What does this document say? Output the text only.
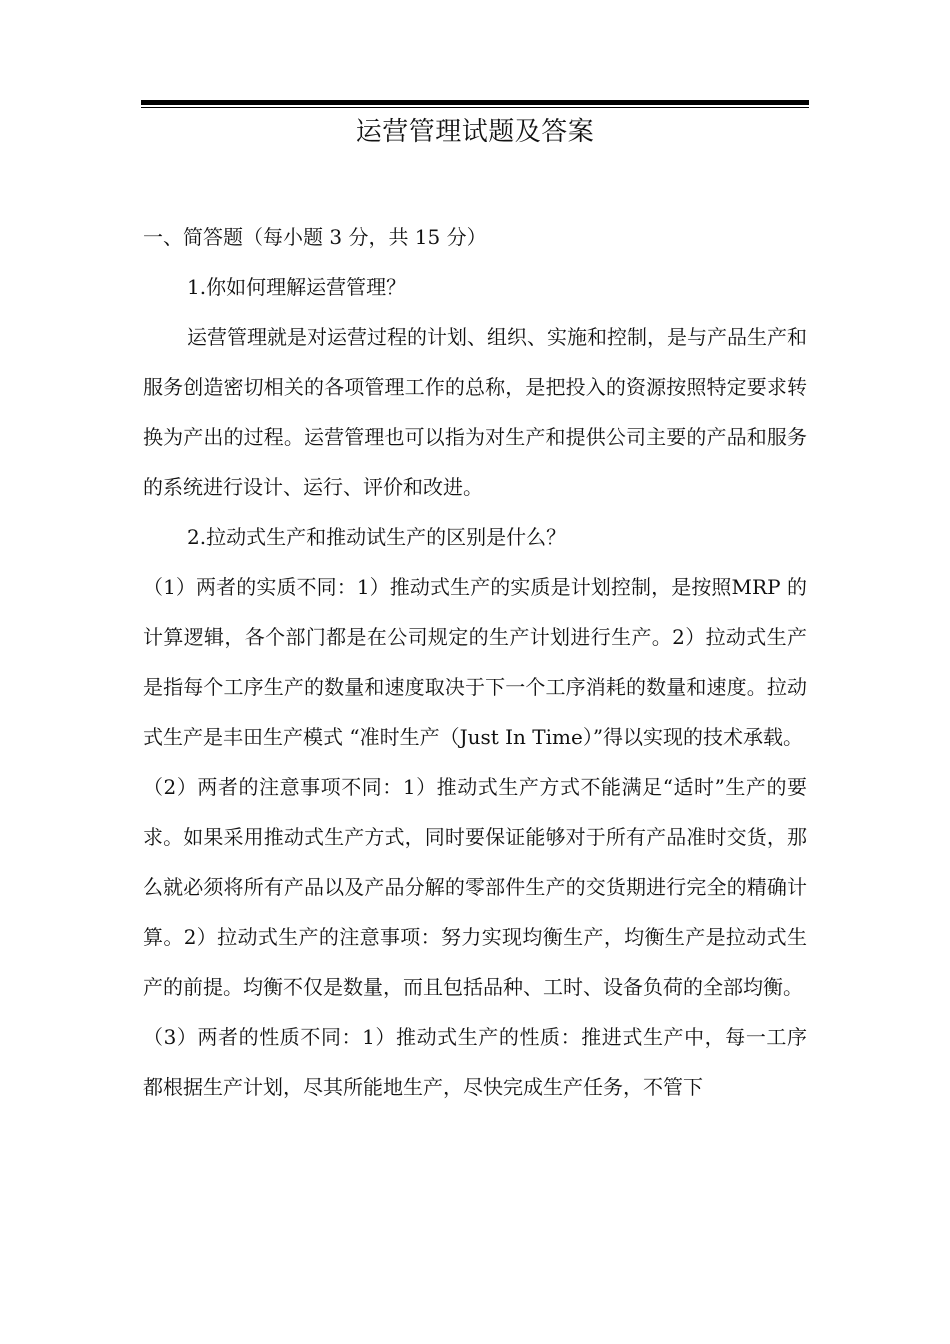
运营管理试题及答案

一、简答题（每小题 3 分，共 15 分）

1.你如何理解运营管理？

运营管理就是对运营过程的计划、组织、实施和控制，是与产品生产和服务创造密切相关的各项管理工作的总称，是把投入的资源按照特定要求转换为产出的过程。运营管理也可以指为对生产和提供公司主要的产品和服务的系统进行设计、运行、评价和改进。

2.拉动式生产和推动试生产的区别是什么？

（1）两者的实质不同：1）推动式生产的实质是计划控制，是按照MRP 的计算逻辑，各个部门都是在公司规定的生产计划进行生产。2）拉动式生产是指每个工序生产的数量和速度取决于下一个工序消耗的数量和速度。拉动式生产是丰田生产模式 “准时生产（Just In Time）”得以实现的技术承载。

（2）两者的注意事项不同：1）推动式生产方式不能满足“适时”生产的要求。如果采用推动式生产方式，同时要保证能够对于所有产品准时交货，那么就必须将所有产品以及产品分解的零部件生产的交货期进行完全的精确计算。2）拉动式生产的注意事项：努力实现均衡生产，均衡生产是拉动式生产的前提。均衡不仅是数量，而且包括品种、工时、设备负荷的全部均衡。

（3）两者的性质不同：1）推动式生产的性质：推进式生产中，每一工序都根据生产计划，尽其所能地生产，尽快完成生产任务，不管下
